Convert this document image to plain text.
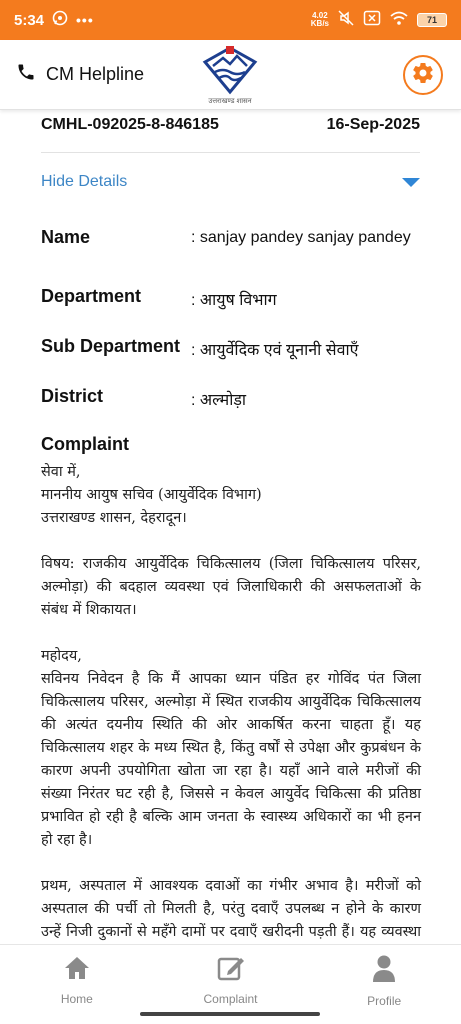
5:34 •••	4.02
KB/s	71
CM Helpline
उत्तराखण्ड शासन
CMHL-092025-8-846185	16-Sep-2025
Hide Details
Name	: sanjay pandey sanjay pandey
Department	: आयुष विभाग
Sub Department : आयुर्वेदिक एवं यूनानी सेवाएँ
District	: अल्मोड़ा
Complaint

सेवा में,
माननीय आयुष सचिव (आयुर्वेदिक विभाग)
उत्तराखण्ड शासन, देहरादून।

विषय: राजकीय आयुर्वेदिक चिकित्सालय (जिला चिकित्सालय परिसर, अल्मोड़ा) की बदहाल व्यवस्था एवं जिलाधिकारी की असफलताओं के संबंध में शिकायत।

महोदय,
सविनय निवेदन है कि मैं आपका ध्यान पंडित हर गोविंद पंत जिला चिकित्सालय परिसर, अल्मोड़ा में स्थित राजकीय आयुर्वेदिक चिकित्सालय की अत्यंत दयनीय स्थिति की ओर आकर्षित करना चाहता हूँ। यह चिकित्सालय शहर के मध्य स्थित है, किंतु वर्षों से उपेक्षा और कुप्रबंधन के कारण अपनी उपयोगिता खोता जा रहा है। यहाँ आने वाले मरीजों की संख्या निरंतर घट रही है, जिससे न केवल आयुर्वेद चिकित्सा की प्रतिष्ठा प्रभावित हो रही है बल्कि आम जनता के स्वास्थ्य अधिकारों का भी हनन हो रहा है।

प्रथम, अस्पताल में आवश्यक दवाओं का गंभीर अभाव है। मरीजों को अस्पताल की पर्ची तो मिलती है, परंतु दवाएँ उपलब्ध न होने के कारण उन्हें निजी दुकानों से महँगे दामों पर दवाएँ खरीदनी पड़ती हैं। यह व्यवस्था

Home	Complaint	Profile
